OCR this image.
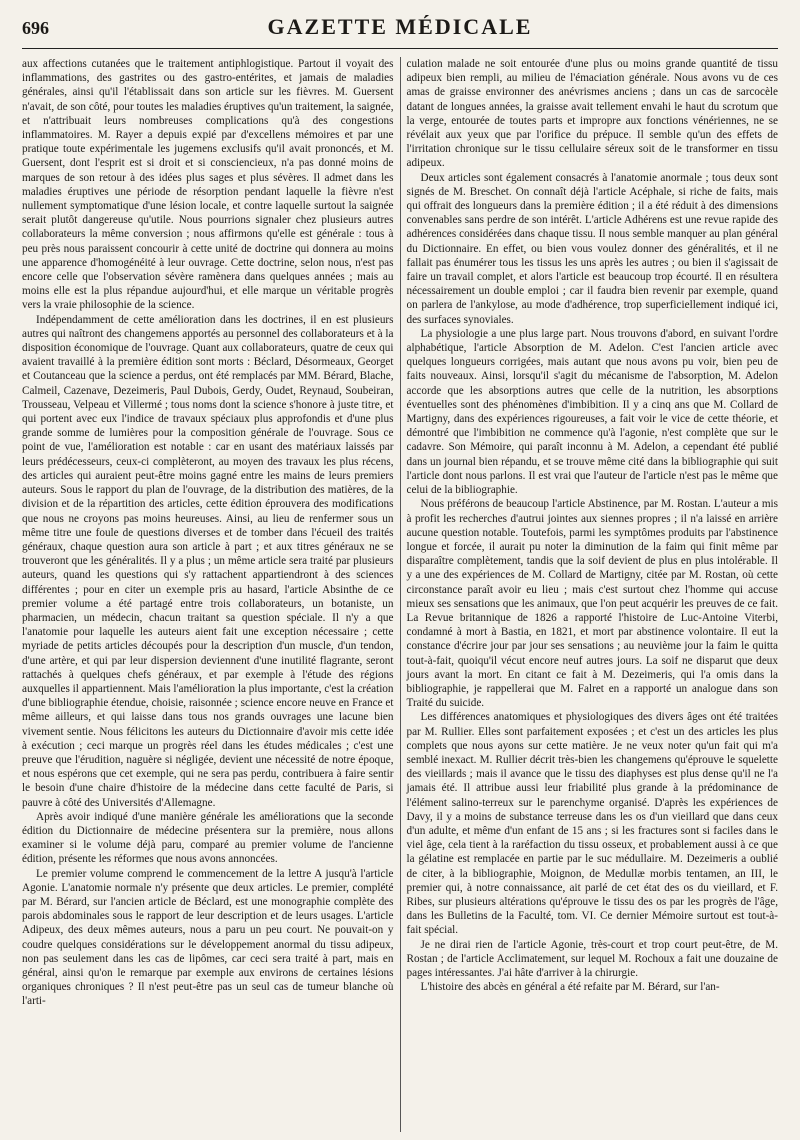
696	GAZETTE MÉDICALE

aux affections cutanées que le traitement antiphlogistique. Partout il voyait des inflammations, des gastrites ou des gastro-entérites, et jamais de maladies générales, ainsi qu'il l'établissait dans son article sur les fièvres. M. Guersent n'avait, de son côté, pour toutes les maladies éruptives qu'un traitement, la saignée, et n'attribuait leurs nombreuses complications qu'à des congestions inflammatoires. M. Rayer a depuis expié par d'excellens mémoires et par une pratique toute expérimentale les jugemens exclusifs qu'il avait prononcés, et M. Guersent, dont l'esprit est si droit et si consciencieux, n'a pas donné moins de marques de son retour à des idées plus sages et plus sévères. Il admet dans les maladies éruptives une période de résorption pendant laquelle la fièvre n'est nullement symptomatique d'une lésion locale, et contre laquelle surtout la saignée serait plutôt dangereuse qu'utile. Nous pourrions signaler chez plusieurs autres collaborateurs la même conversion ; nous affirmons qu'elle est générale : tous à peu près nous paraissent concourir à cette unité de doctrine qui donnera au moins une apparence d'homogénéité à leur ouvrage. Cette doctrine, selon nous, n'est pas encore celle que l'observation sévère ramènera dans quelques années ; mais au moins elle est la plus répandue aujourd'hui, et elle marque un véritable progrès vers la vraie philosophie de la science.

Indépendamment de cette amélioration dans les doctrines, il en est plusieurs autres qui naîtront des changemens apportés au personnel des collaborateurs et à la disposition économique de l'ouvrage. Quant aux collaborateurs, quatre de ceux qui avaient travaillé à la première édition sont morts : Béclard, Désormeaux, Georget et Coutanceau que la science a perdus, ont été remplacés par MM. Bérard, Blache, Calmeil, Cazenave, Dezeimeris, Paul Dubois, Gerdy, Oudet, Reynaud, Soubeiran, Trousseau, Velpeau et Villermé ; tous noms dont la science s'honore à juste titre, et qui portent avec eux l'indice de travaux spéciaux plus approfondis et d'une plus grande somme de lumières pour la composition générale de l'ouvrage. Sous ce point de vue, l'amélioration est notable : car en usant des matériaux laissés par leurs prédécesseurs, ceux-ci complèteront, au moyen des travaux les plus récens, des articles qui auraient peut-être moins gagné entre les mains de leurs premiers auteurs. Sous le rapport du plan de l'ouvrage, de la distribution des matières, de la division et de la répartition des articles, cette édition éprouvera des modifications que nous ne croyons pas moins heureuses. Ainsi, au lieu de renfermer sous un même titre une foule de questions diverses et de tomber dans l'écueil des traités généraux, chaque question aura son article à part ; et aux titres généraux ne se trouveront que les généralités. Il y a plus ; un même article sera traité par plusieurs auteurs, quand les questions qui s'y rattachent appartiendront à des sciences différentes ; pour en citer un exemple pris au hasard, l'article Absinthe de ce premier volume a été partagé entre trois collaborateurs, un botaniste, un pharmacien, un médecin, chacun traitant sa question spéciale. Il n'y a que l'anatomie pour laquelle les auteurs aient fait une exception nécessaire ; cette myriade de petits articles découpés pour la description d'un muscle, d'un tendon, d'une artère, et qui par leur dispersion deviennent d'une inutilité flagrante, seront rattachés à quelques chefs généraux, et par exemple à l'étude des régions auxquelles il appartiennent. Mais l'amélioration la plus importante, c'est la création d'une bibliographie étendue, choisie, raisonnée ; science encore neuve en France et même ailleurs, et qui laisse dans tous nos grands ouvrages une lacune bien vivement sentie. Nous félicitons les auteurs du Dictionnaire d'avoir mis cette idée à exécution ; ceci marque un progrès réel dans les études médicales ; c'est une preuve que l'érudition, naguère si négligée, devient une nécessité de notre époque, et nous espérons que cet exemple, qui ne sera pas perdu, contribuera à faire sentir le besoin d'une chaire d'histoire de la médecine dans cette faculté de Paris, si pauvre à côté des Universités d'Allemagne.

Après avoir indiqué d'une manière générale les améliorations que la seconde édition du Dictionnaire de médecine présentera sur la première, nous allons examiner si le volume déjà paru, comparé au premier volume de l'ancienne édition, présente les réformes que nous avons annoncées.

Le premier volume comprend le commencement de la lettre A jusqu'à l'article Agonie. L'anatomie normale n'y présente que deux articles. Le premier, complété par M. Bérard, sur l'ancien article de Béclard, est une monographie complète des parois abdominales sous le rapport de leur description et de leurs usages. L'article Adipeux, des deux mêmes auteurs, nous a paru un peu court. Ne pouvait-on y coudre quelques considérations sur le développement anormal du tissu adipeux, non pas seulement dans les cas de lipômes, car ceci sera traité à part, mais en général, ainsi qu'on le remarque par exemple aux environs de certaines lésions organiques chroniques ? Il n'est peut-être pas un seul cas de tumeur blanche où l'arti-

culation malade ne soit entourée d'une plus ou moins grande quantité de tissu adipeux bien rempli, au milieu de l'émaciation générale. Nous avons vu de ces amas de graisse environner des anévrismes anciens ; dans un cas de sarcocèle datant de longues années, la graisse avait tellement envahi le haut du scrotum que la verge, entourée de toutes parts et impropre aux fonctions vénériennes, ne se révélait aux yeux que par l'orifice du prépuce. Il semble qu'un des effets de l'irritation chronique sur le tissu cellulaire séreux soit de le transformer en tissu adipeux.

Deux articles sont également consacrés à l'anatomie anormale ; tous deux sont signés de M. Breschet. On connaît déjà l'article Acéphale, si riche de faits, mais qui offrait des longueurs dans la première édition ; il a été réduit à des dimensions convenables sans perdre de son intérêt. L'article Adhérens est une revue rapide des adhérences considérées dans chaque tissu. Il nous semble manquer au plan général du Dictionnaire. En effet, ou bien vous voulez donner des généralités, et il ne fallait pas énumérer tous les tissus les uns après les autres ; ou bien il s'agissait de faire un travail complet, et alors l'article est beaucoup trop écourté. Il en résultera nécessairement un double emploi ; car il faudra bien revenir par exemple, quand on parlera de l'ankylose, au mode d'adhérence, trop superficiellement indiqué ici, des surfaces synoviales.

La physiologie a une plus large part. Nous trouvons d'abord, en suivant l'ordre alphabétique, l'article Absorption de M. Adelon. C'est l'ancien article avec quelques longueurs corrigées, mais autant que nous avons pu voir, bien peu de faits nouveaux. Ainsi, lorsqu'il s'agit du mécanisme de l'absorption, M. Adelon accorde que les absorptions autres que celle de la nutrition, les absorptions éventuelles sont des phénomènes d'imbibition. Il y a cinq ans que M. Collard de Martigny, dans des expériences rigoureuses, a fait voir le vice de cette théorie, et démontré que l'imbibition ne commence qu'à l'agonie, n'est complète que sur le cadavre. Son Mémoire, qui paraît inconnu à M. Adelon, a cependant été publié dans un journal bien répandu, et se trouve même cité dans la bibliographie qui suit l'article dont nous parlons. Il est vrai que l'auteur de l'article n'est pas le même que celui de la bibliographie.

Nous préférons de beaucoup l'article Abstinence, par M. Rostan. L'auteur a mis à profit les recherches d'autrui jointes aux siennes propres ; il n'a laissé en arrière aucune question notable. Toutefois, parmi les symptômes produits par l'abstinence longue et forcée, il aurait pu noter la diminution de la faim qui finit même par disparaître complètement, tandis que la soif devient de plus en plus intolérable. Il y a une des expériences de M. Collard de Martigny, citée par M. Rostan, où cette circonstance paraît avoir eu lieu ; mais c'est surtout chez l'homme qui accuse mieux ses sensations que les animaux, que l'on peut acquérir les preuves de ce fait. La Revue britannique de 1826 a rapporté l'histoire de Luc-Antoine Viterbi, condamné à mort à Bastia, en 1821, et mort par abstinence volontaire. Il eut la constance d'écrire jour par jour ses sensations ; au neuvième jour la faim le quitta tout-à-fait, quoiqu'il vécut encore neuf autres jours. La soif ne disparut que deux jours avant la mort. En citant ce fait à M. Dezeimeris, qui l'a omis dans la bibliographie, je rappellerai que M. Falret en a rapporté un analogue dans son Traité du suicide.

Les différences anatomiques et physiologiques des divers âges ont été traitées par M. Rullier. Elles sont parfaitement exposées ; et c'est un des articles les plus complets que nous ayons sur cette matière. Je ne veux noter qu'un fait qui m'a semblé inexact. M. Rullier décrit très-bien les changemens qu'éprouve le squelette des vieillards ; mais il avance que le tissu des diaphyses est plus dense qu'il ne l'a jamais été. Il attribue aussi leur friabilité plus grande à la prédominance de l'élément salino-terreux sur le parenchyme organisé. D'après les expériences de Davy, il y a moins de substance terreuse dans les os d'un vieillard que dans ceux d'un adulte, et même d'un enfant de 15 ans ; si les fractures sont si faciles dans le viel âge, cela tient à la raréfaction du tissu osseux, et probablement aussi à ce que la gélatine est remplacée en partie par le suc médullaire. M. Dezeimeris a oublié de citer, à la bibliographie, Moignon, de Medullæ morbis tentamen, an III, le premier qui, à notre connaissance, ait parlé de cet état des os du vieillard, et F. Ribes, sur plusieurs altérations qu'éprouve le tissu des os par les progrès de l'âge, dans les Bulletins de la Faculté, tom. VI. Ce dernier Mémoire surtout est tout-à-fait spécial.

Je ne dirai rien de l'article Agonie, très-court et trop court peut-être, de M. Rostan ; de l'article Acclimatement, sur lequel M. Rochoux a fait une douzaine de pages intéressantes. J'ai hâte d'arriver à la chirurgie.

L'histoire des abcès en général a été refaite par M. Bérard, sur l'an-
